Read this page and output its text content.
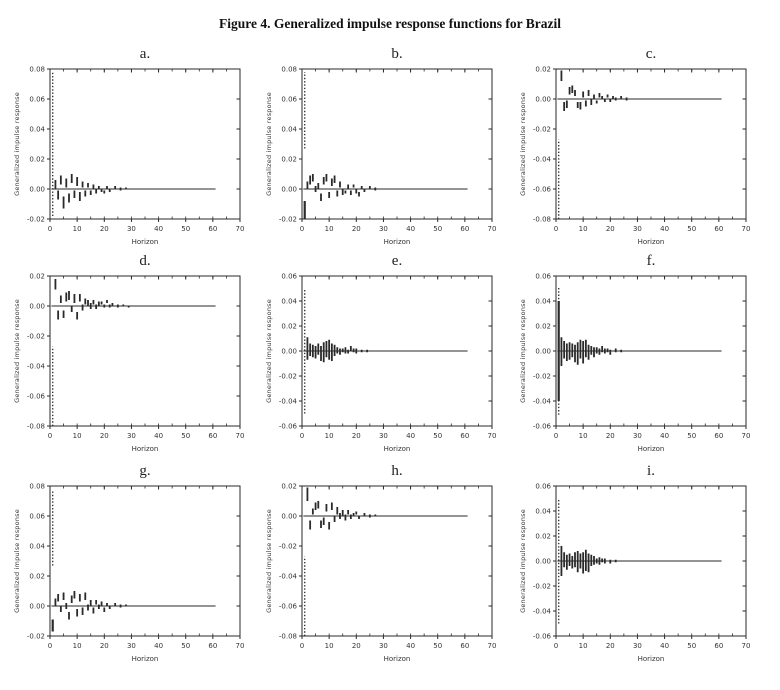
Figure 4. Generalized impulse response functions for Brazil
a.
0	10	20	30	40	50	60	70
-0.02
0.00
0.02
0.04
0.06
0.08
Horizon
Generalized impulse response
b.
0	10	20	30	40	50	60	70
-0.02
0.00
0.02
0.04
0.06
0.08
Horizon
Generalized impulse response
c.
0	10	20	30	40	50	60	70
-0.08
-0.06
-0.04
-0.02
0.00
0.02
Horizon
Generalized impulse response
d.
0	10	20	30	40	50	60	70
-0.08
-0.06
-0.04
-0.02
0.00
0.02
Horizon
Generalized impulse response
e.
0	10	20	30	40	50	60	70
-0.06
-0.04
-0.02
0.00
0.02
0.04
0.06
Horizon
Generalized impulse response
f.
0	10	20	30	40	50	60	70
-0.06
-0.04
-0.02
0.00
0.02
0.04
0.06
Horizon
Generalized impulse response
g.
0	10	20	30	40	50	60	70
-0.02
0.00
0.02
0.04
0.06
0.08
Horizon
Generalized impulse response
h.
0	10	20	30	40	50	60	70
-0.08
-0.06
-0.04
-0.02
0.00
0.02
Horizon
Generalized impulse response
i.
0	10	20	30	40	50	60	70
-0.06
-0.04
-0.02
0.00
0.02
0.04
0.06
Horizon
Generalized impulse response
